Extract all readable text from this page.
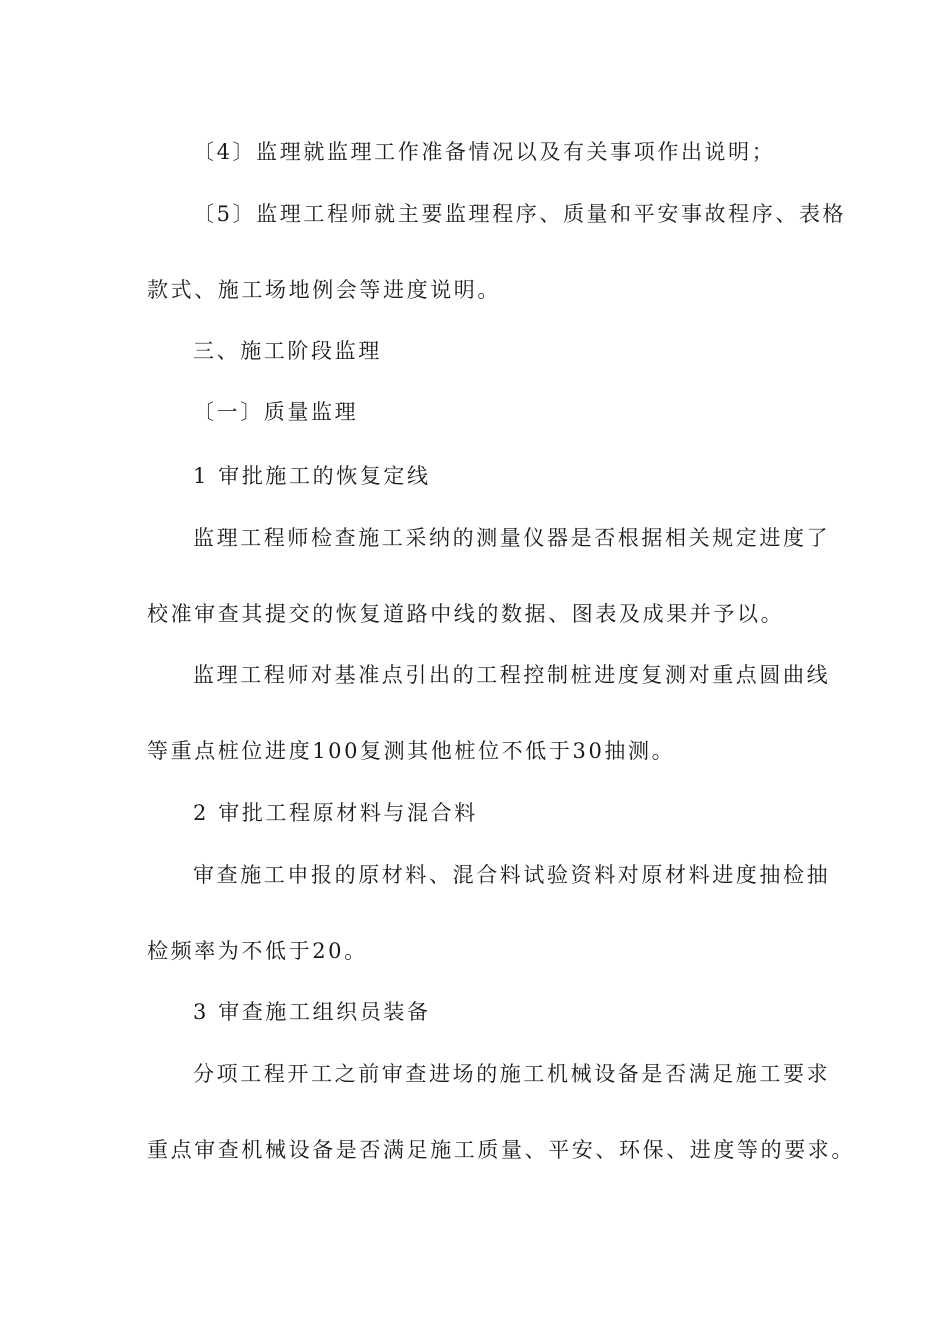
〔4〕监理就监理工作准备情况以及有关事项作出说明；
〔5〕监理工程师就主要监理程序、质量和平安事故程序、表格
款式、施工场地例会等进度说明。
三、施工阶段监理
〔一〕质量监理
1 审批施工的恢复定线
监理工程师检查施工采纳的测量仪器是否根据相关规定进度了
校准审查其提交的恢复道路中线的数据、图表及成果并予以。
监理工程师对基准点引出的工程控制桩进度复测对重点圆曲线
等重点桩位进度100复测其他桩位不低于30抽测。
2 审批工程原材料与混合料
审查施工申报的原材料、混合料试验资料对原材料进度抽检抽
检频率为不低于20。
3 审查施工组织员装备
分项工程开工之前审查进场的施工机械设备是否满足施工要求
重点审查机械设备是否满足施工质量、平安、环保、进度等的要求。
